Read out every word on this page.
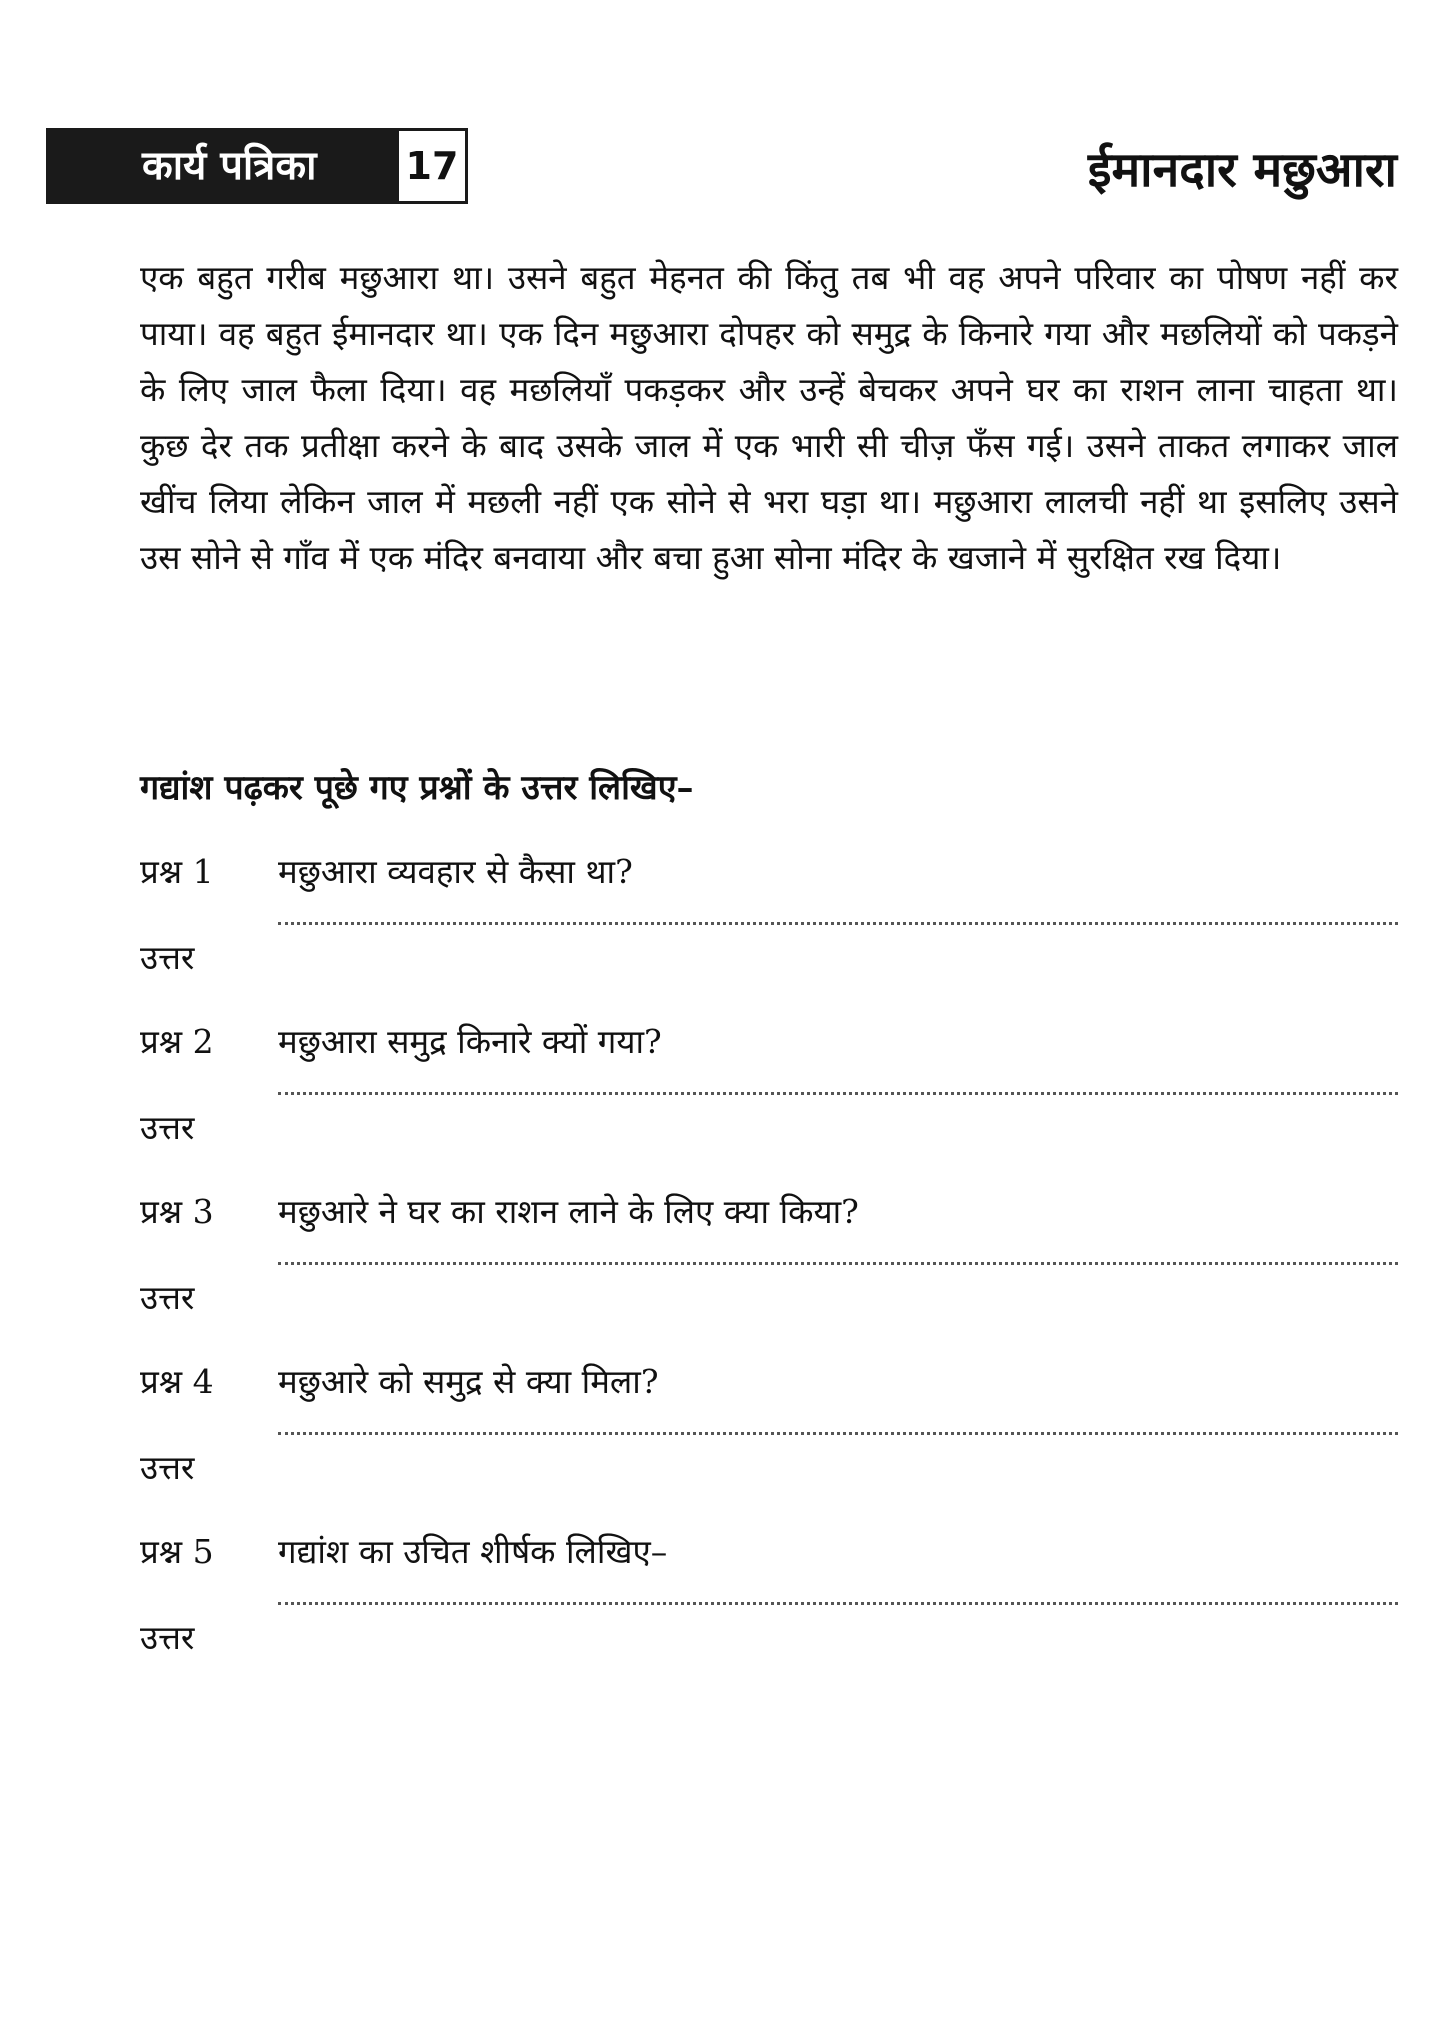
कार्य पत्रिका	17	ईमानदार मछुआरा
एक बहुत गरीब मछुआरा था। उसने बहुत मेहनत की किंतु तब भी वह अपने परिवार का पोषण नहीं कर पाया। वह बहुत ईमानदार था। एक दिन मछुआरा दोपहर को समुद्र के किनारे गया और मछलियों को पकड़ने के लिए जाल फैला दिया। वह मछलियाँ पकड़कर और उन्हें बेचकर अपने घर का राशन लाना चाहता था। कुछ देर तक प्रतीक्षा करने के बाद उसके जाल में एक भारी सी चीज़ फँस गई। उसने ताकत लगाकर जाल खींच लिया लेकिन जाल में मछली नहीं एक सोने से भरा घड़ा था। मछुआरा लालची नहीं था इसलिए उसने उस सोने से गाँव में एक मंदिर बनवाया और बचा हुआ सोना मंदिर के खजाने में सुरक्षित रख दिया।
गद्यांश पढ़कर पूछे गए प्रश्नों के उत्तर लिखिए–
प्रश्न 1 मछुआरा व्यवहार से कैसा था?
उत्तर
प्रश्न 2 मछुआरा समुद्र किनारे क्यों गया?
उत्तर
प्रश्न 3 मछुआरे ने घर का राशन लाने के लिए क्या किया?
उत्तर
प्रश्न 4 मछुआरे को समुद्र से क्या मिला?
उत्तर
प्रश्न 5 गद्यांश का उचित शीर्षक लिखिए–
उत्तर
